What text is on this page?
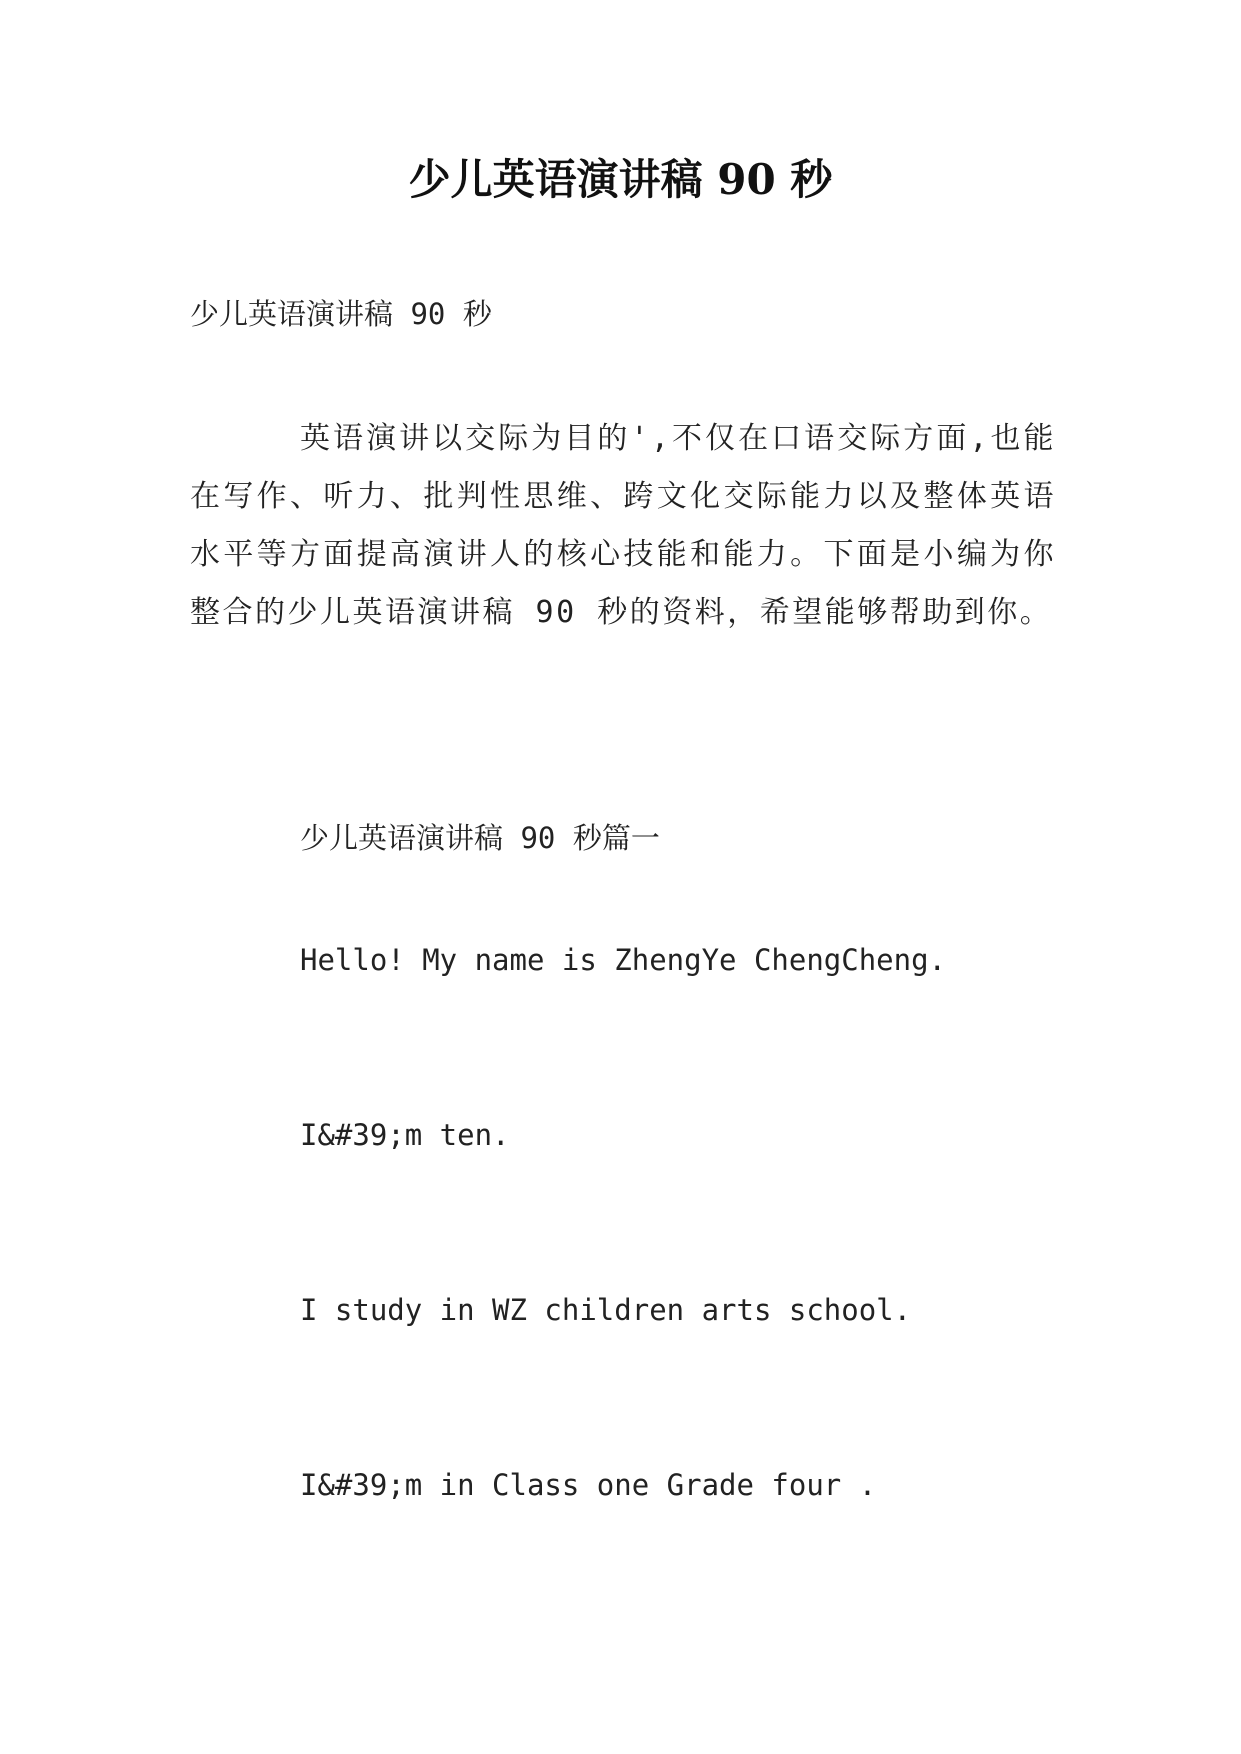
少儿英语演讲稿 90 秒

少儿英语演讲稿 90 秒

英语演讲以交际为目的',不仅在口语交际方面,也能在写作、听力、批判性思维、跨文化交际能力以及整体英语水平等方面提高演讲人的核心技能和能力。下面是小编为你整合的少儿英语演讲稿 90 秒的资料，希望能够帮助到你。

少儿英语演讲稿 90 秒篇一

Hello! My name is ZhengYe ChengCheng.

I&#39;m ten.

I study in WZ children arts school.

I&#39;m in Class one Grade four .
